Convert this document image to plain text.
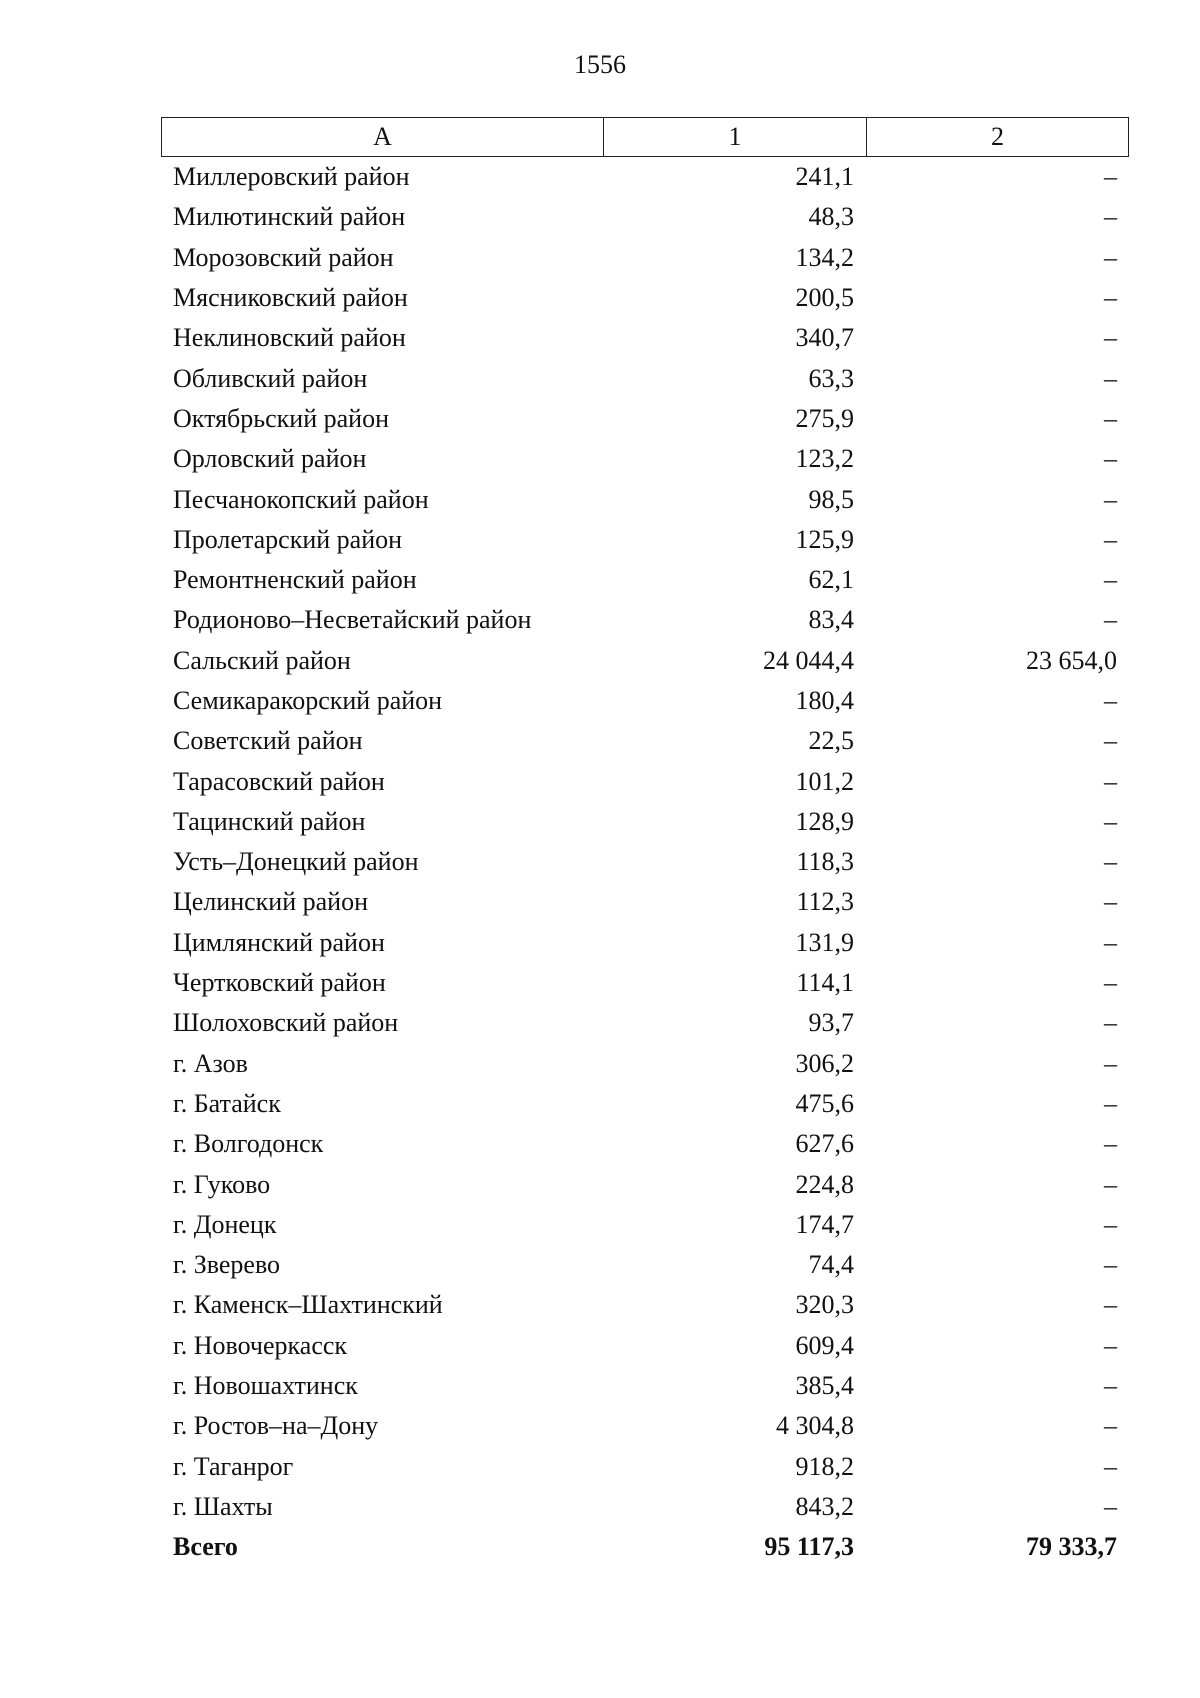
1556
А	1	2
Миллеровский район	241,1	–
Милютинский район	48,3	–
Морозовский район	134,2	–
Мясниковский район	200,5	–
Неклиновский район	340,7	–
Обливский район	63,3	–
Октябрьский район	275,9	–
Орловский район	123,2	–
Песчанокопский район	98,5	–
Пролетарский район	125,9	–
Ремонтненский район	62,1	–
Родионово–Несветайский район	83,4	–
Сальский район	24 044,4	23 654,0
Семикаракорский район	180,4	–
Советский район	22,5	–
Тарасовский район	101,2	–
Тацинский район	128,9	–
Усть–Донецкий район	118,3	–
Целинский район	112,3	–
Цимлянский район	131,9	–
Чертковский район	114,1	–
Шолоховский район	93,7	–
г. Азов	306,2	–
г. Батайск	475,6	–
г. Волгодонск	627,6	–
г. Гуково	224,8	–
г. Донецк	174,7	–
г. Зверево	74,4	–
г. Каменск–Шахтинский	320,3	–
г. Новочеркасск	609,4	–
г. Новошахтинск	385,4	–
г. Ростов–на–Дону	4 304,8	–
г. Таганрог	918,2	–
г. Шахты	843,2	–
Всего	95 117,3	79 333,7
